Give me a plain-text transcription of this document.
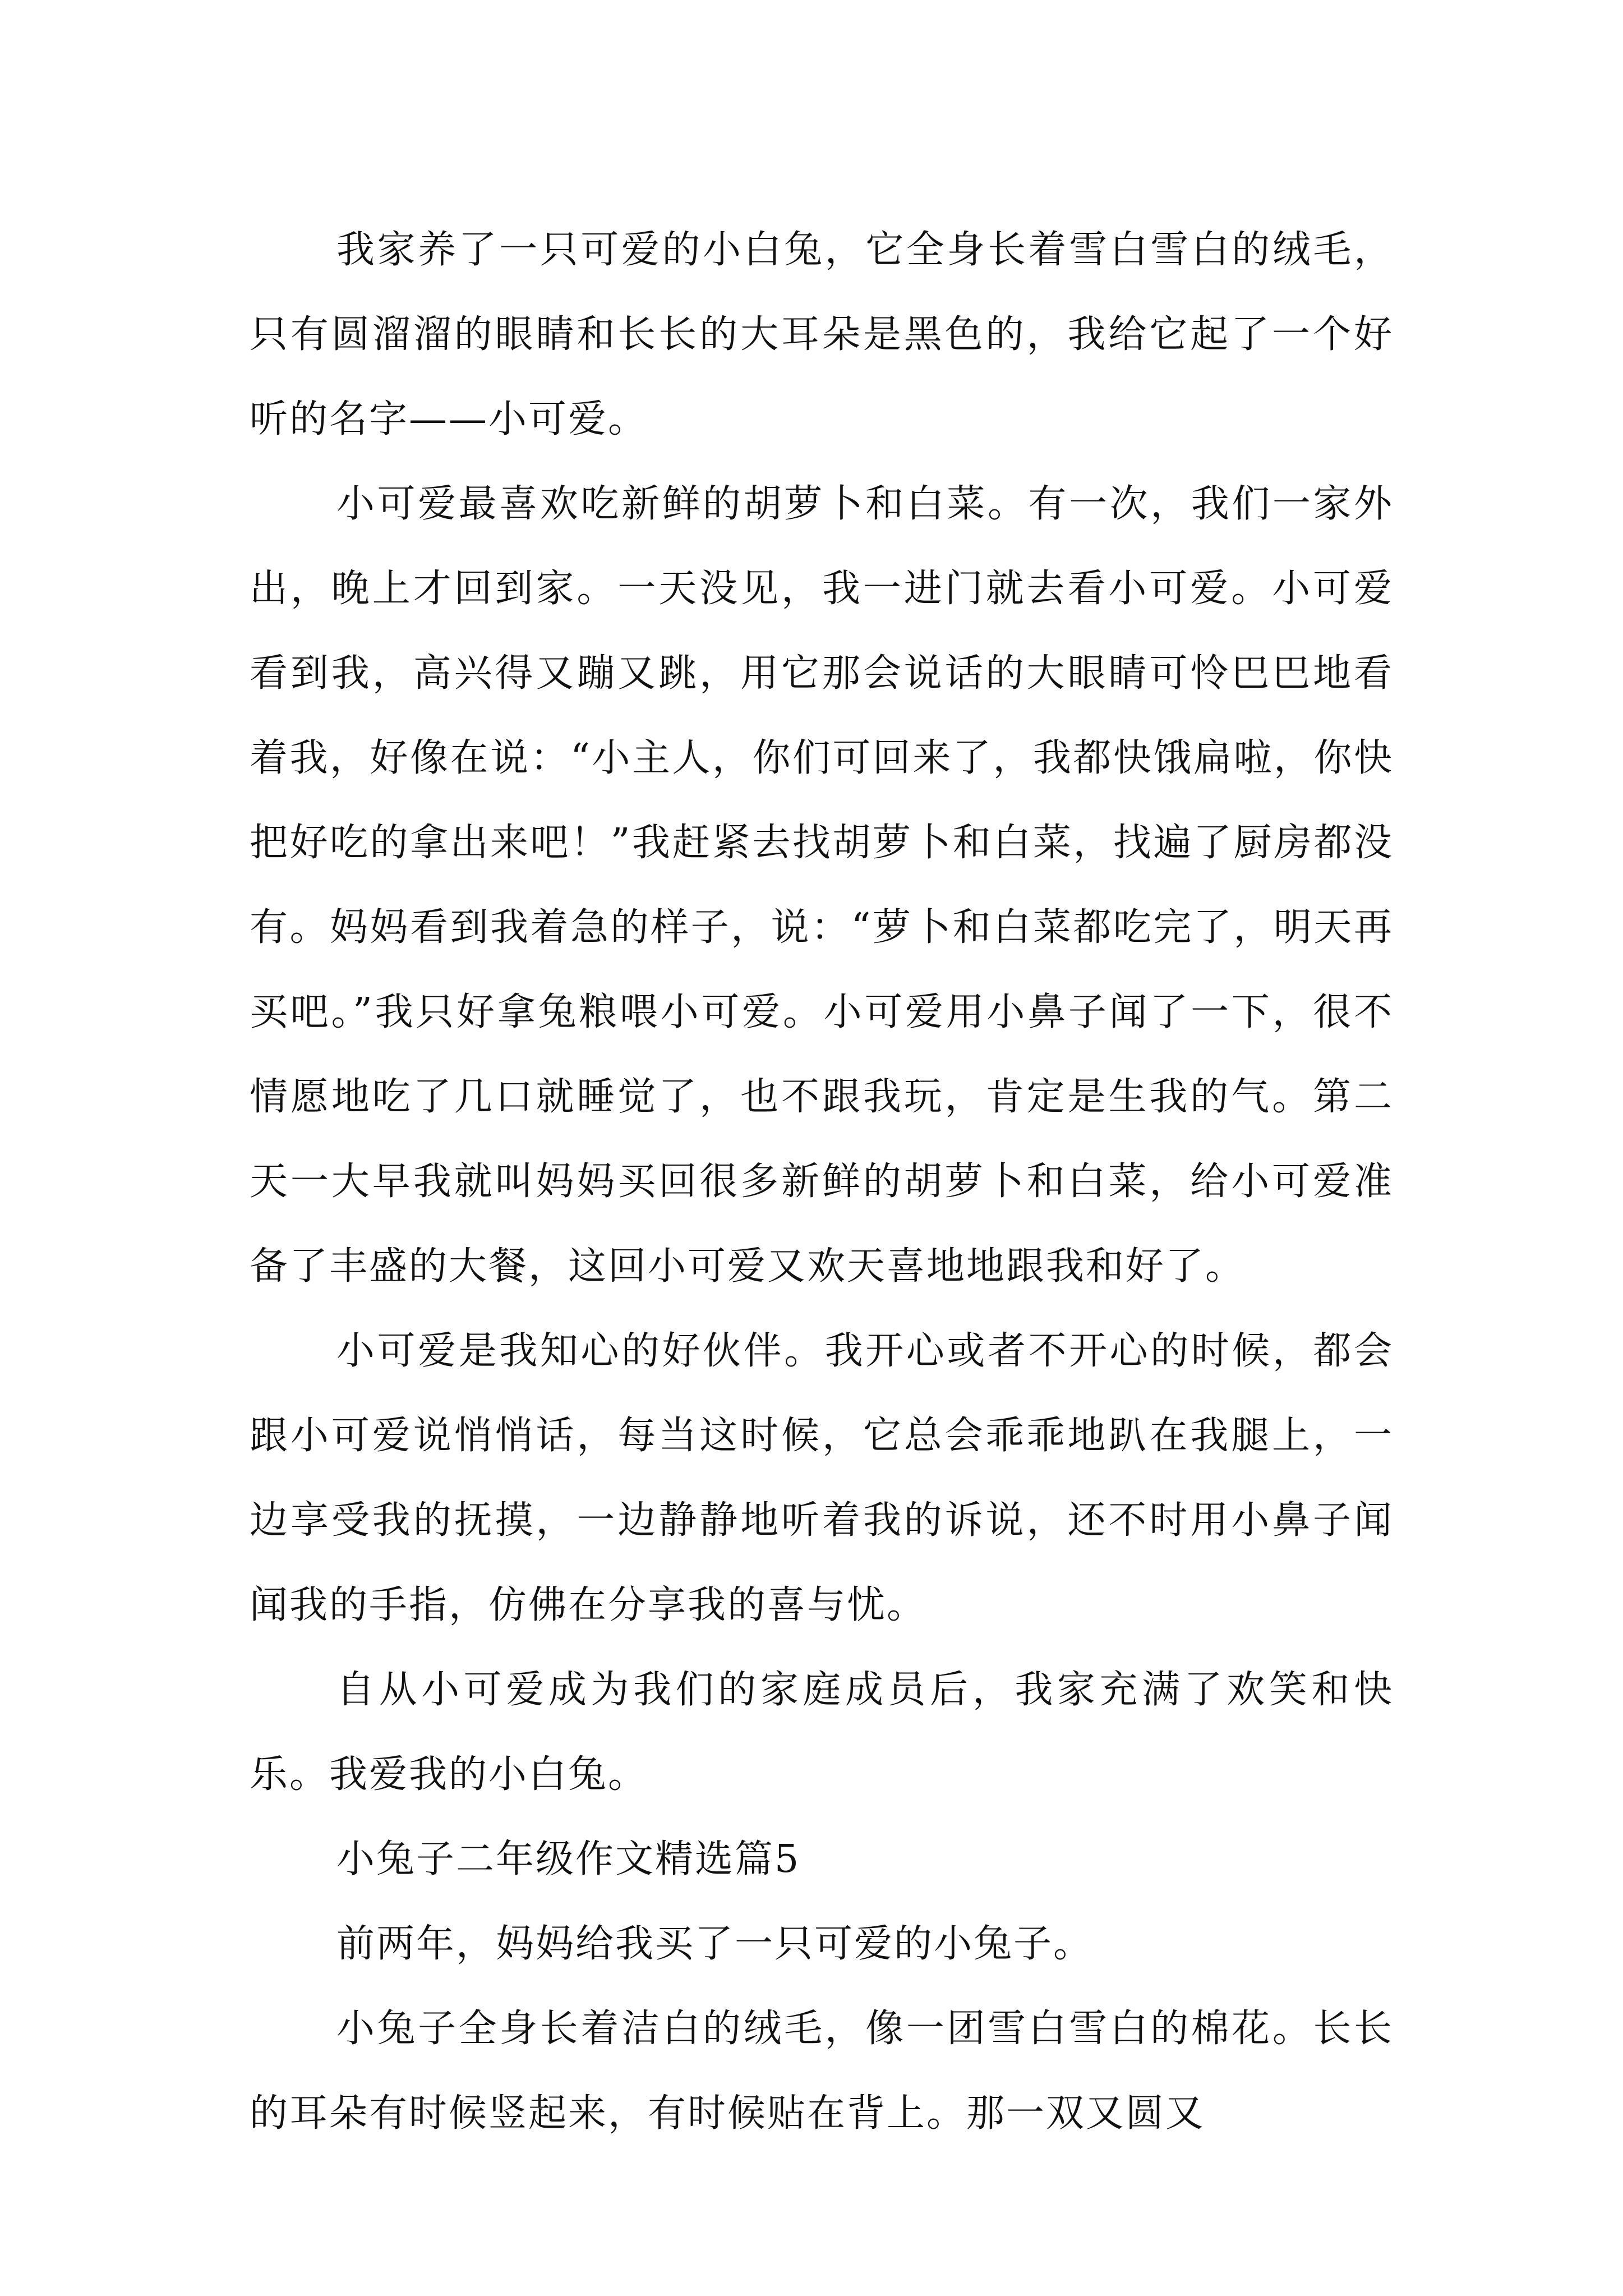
我家养了一只可爱的小白兔，它全身长着雪白雪白的绒毛，只有圆溜溜的眼睛和长长的大耳朵是黑色的，我给它起了一个好听的名字——小可爱。

小可爱最喜欢吃新鲜的胡萝卜和白菜。有一次，我们一家外出，晚上才回到家。一天没见，我一进门就去看小可爱。小可爱看到我，高兴得又蹦又跳，用它那会说话的大眼睛可怜巴巴地看着我，好像在说：“小主人，你们可回来了，我都快饿扁啦，你快把好吃的拿出来吧！”我赶紧去找胡萝卜和白菜，找遍了厨房都没有。妈妈看到我着急的样子，说：“萝卜和白菜都吃完了，明天再买吧。”我只好拿兔粮喂小可爱。小可爱用小鼻子闻了一下，很不情愿地吃了几口就睡觉了，也不跟我玩，肯定是生我的气。第二天一大早我就叫妈妈买回很多新鲜的胡萝卜和白菜，给小可爱准备了丰盛的大餐，这回小可爱又欢天喜地地跟我和好了。

小可爱是我知心的好伙伴。我开心或者不开心的时候，都会跟小可爱说悄悄话，每当这时候，它总会乖乖地趴在我腿上，一边享受我的抚摸，一边静静地听着我的诉说，还不时用小鼻子闻闻我的手指，仿佛在分享我的喜与忧。

自从小可爱成为我们的家庭成员后，我家充满了欢笑和快乐。我爱我的小白兔。

小兔子二年级作文精选篇5

前两年，妈妈给我买了一只可爱的小兔子。

小兔子全身长着洁白的绒毛，像一团雪白雪白的棉花。长长的耳朵有时候竖起来，有时候贴在背上。那一双又圆又
